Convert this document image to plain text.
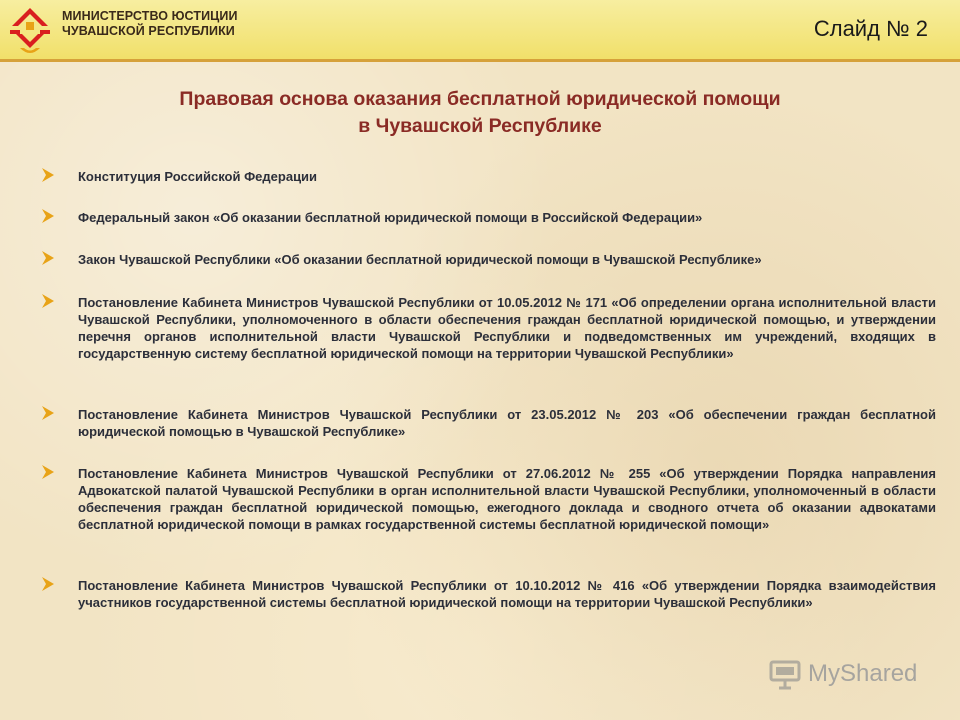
МИНИСТЕРСТВО ЮСТИЦИИ
ЧУВАШСКОЙ РЕСПУБЛИКИ	Слайд № 2
Правовая основа оказания бесплатной юридической помощи
в Чувашской Республике
Конституция Российской Федерации
Федеральный закон «Об оказании бесплатной юридической помощи в Российской Федерации»
Закон Чувашской Республики «Об оказании бесплатной юридической помощи в Чувашской Республике»
Постановление Кабинета Министров Чувашской Республики от 10.05.2012 № 171 «Об определении органа исполнительной власти Чувашской Республики, уполномоченного в области обеспечения граждан бесплатной юридической помощью, и утверждении перечня органов исполнительной власти Чувашской Республики и подведомственных им учреждений, входящих в государственную систему бесплатной юридической помощи на территории Чувашской Республики»
Постановление Кабинета Министров Чувашской Республики от 23.05.2012 № 203 «Об обеспечении граждан бесплатной юридической помощью в Чувашской Республике»
Постановление Кабинета Министров Чувашской Республики от 27.06.2012 № 255 «Об утверждении Порядка направления Адвокатской палатой Чувашской Республики в орган исполнительной власти Чувашской Республики, уполномоченный в области обеспечения граждан бесплатной юридической помощью, ежегодного доклада и сводного отчета об оказании адвокатами бесплатной юридической помощи в рамках государственной системы бесплатной юридической помощи»
Постановление Кабинета Министров Чувашской Республики от 10.10.2012 № 416 «Об утверждении Порядка взаимодействия участников государственной системы бесплатной юридической помощи на территории Чувашской Республики»
MyShared
